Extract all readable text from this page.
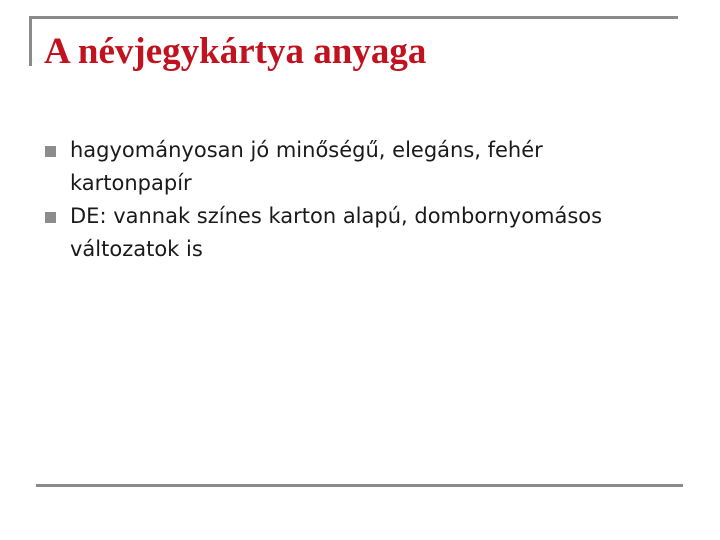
A névjegykártya anyaga
hagyományosan jó minőségű, elegáns, fehér kartonpapír
DE: vannak színes karton alapú, dombornyomásos változatok is
